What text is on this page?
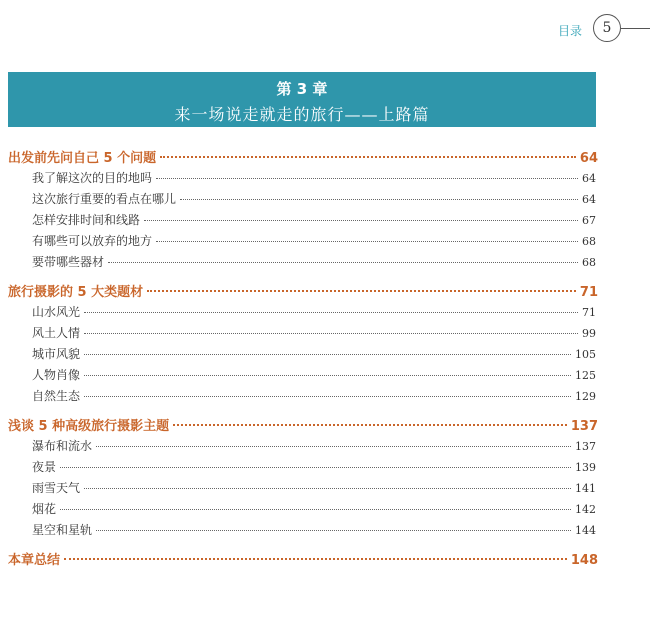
目录	5
第 3 章
来一场说走就走的旅行——上路篇
出发前先问自己 5 个问题	64
我了解这次的目的地吗	64
这次旅行重要的看点在哪儿	64
怎样安排时间和线路	67
有哪些可以放弃的地方	68
要带哪些器材	68
旅行摄影的 5 大类题材	71
山水风光	71
风土人情	99
城市风貌	105
人物肖像	125
自然生态	129
浅谈 5 种高级旅行摄影主题	137
瀑布和流水	137
夜景	139
雨雪天气	141
烟花	142
星空和星轨	144
本章总结	148
